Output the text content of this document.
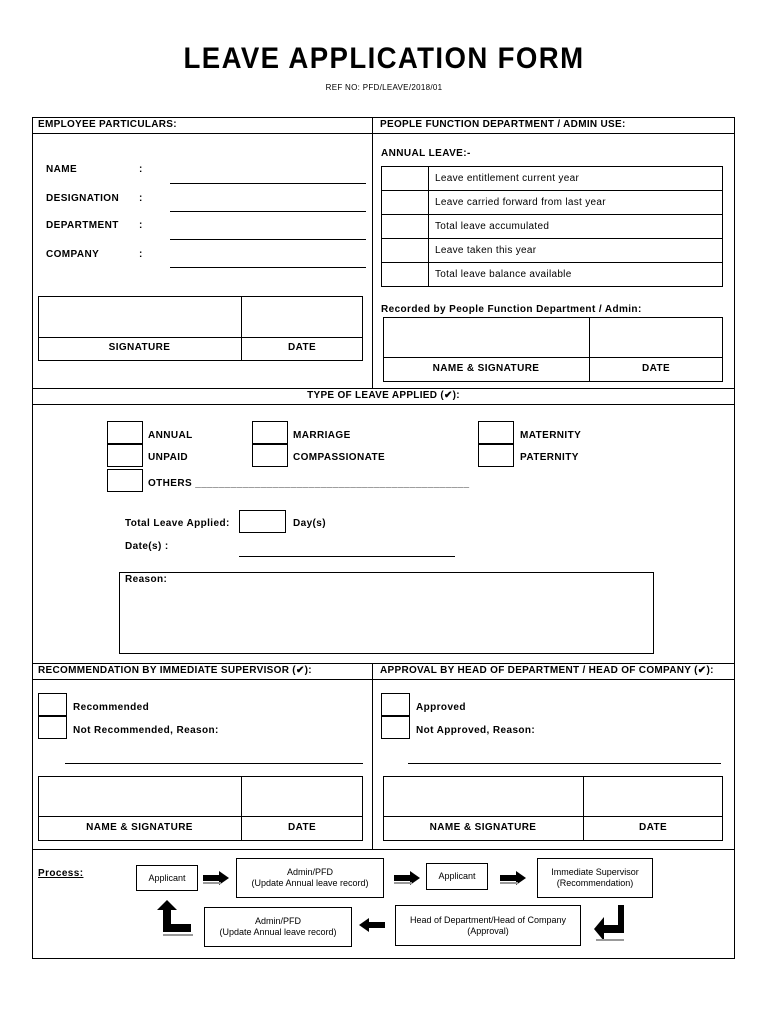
LEAVE APPLICATION FORM
REF NO: PFD/LEAVE/2018/01
EMPLOYEE PARTICULARS:	PEOPLE FUNCTION DEPARTMENT / ADMIN USE:
NAME	:
DESIGNATION :
DEPARTMENT :
COMPANY	:
SIGNATURE	DATE
ANNUAL LEAVE:-
	Leave entitlement current year
	Leave carried forward from last year
	Total leave accumulated
	Leave taken this year
	Total leave balance available
Recorded by People Function Department / Admin:
NAME & SIGNATURE	DATE
TYPE OF LEAVE APPLIED (✔):
ANNUAL
UNPAID
OTHERS ______________________________________________
MARRIAGE
COMPASSIONATE
MATERNITY
PATERNITY
Total Leave Applied:	Day(s)
Date(s) :
Reason:
RECOMMENDATION BY IMMEDIATE SUPERVISOR (✔):	APPROVAL BY HEAD OF DEPARTMENT / HEAD OF COMPANY (✔):
Recommended
Not Recommended, Reason:
Approved
Not Approved, Reason:
NAME & SIGNATURE	DATE	NAME & SIGNATURE	DATE
Process:	Applicant
Admin/PFD
(Update Annual leave record)
Applicant	Immediate Supervisor
(Recommendation)
Head of Department/Head of Company
(Approval)
Admin/PFD
(Update Annual leave record)
